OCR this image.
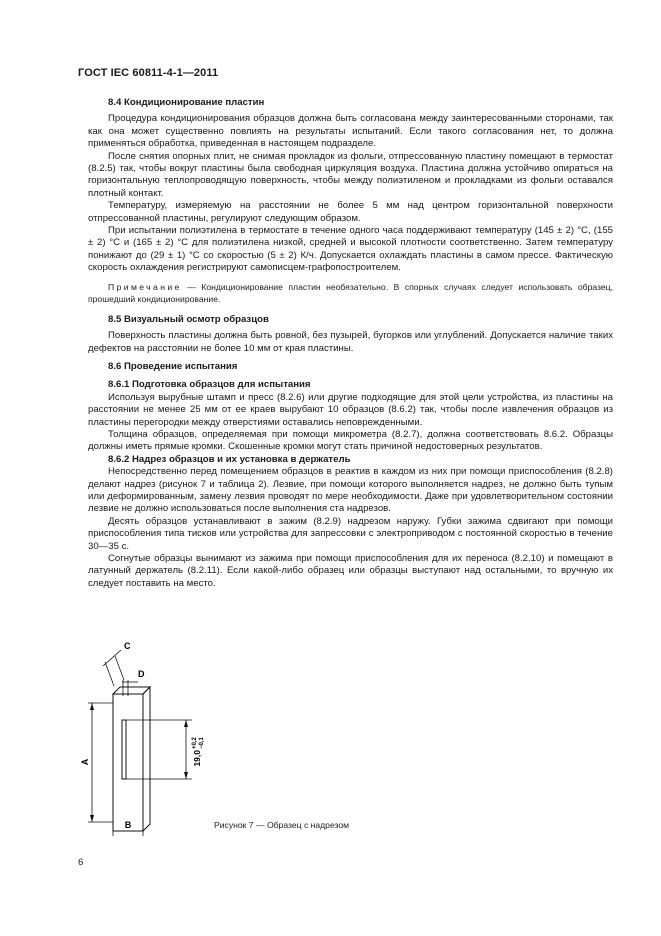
ГОСТ IEC 60811-4-1—2011

8.4 Кондиционирование пластин

Процедура кондиционирования образцов должна быть согласована между заинтересованными сторонами, так как она может существенно повлиять на результаты испытаний. Если такого согласования нет, то должна применяться обработка, приведенная в настоящем подразделе.

После снятия опорных плит, не снимая прокладок из фольги, отпрессованную пластину помещают в термостат (8.2.5) так, чтобы вокруг пластины была свободная циркуляция воздуха. Пластина должна устойчиво опираться на горизонтальную теплопроводящую поверхность, чтобы между полиэтиленом и прокладками из фольги оставался плотный контакт.

Температуру, измеряемую на расстоянии не более 5 мм над центром горизонтальной поверхности отпрессованной пластины, регулируют следующим образом.

При испытании полиэтилена в термостате в течение одного часа поддерживают температуру (145 ± 2) °С, (155 ± 2) °С и (165 ± 2) °С для полиэтилена низкой, средней и высокой плотности соответственно. Затем температуру понижают до (29 ± 1) °С со скоростью (5 ± 2) К/ч. Допускается охлаждать пластины в самом прессе. Фактическую скорость охлаждения регистрируют самописцем-графопостроителем.

Примечание — Кондиционирование пластин необязательно. В спорных случаях следует использовать образец, прошедший кондиционирование.

8.5 Визуальный осмотр образцов

Поверхность пластины должна быть ровной, без пузырей, бугорков или углублений. Допускается наличие таких дефектов на расстоянии не более 10 мм от края пластины.

8.6 Проведение испытания

8.6.1 Подготовка образцов для испытания

Используя вырубные штамп и пресс (8.2.6) или другие подходящие для этой цели устройства, из пластины на расстоянии не менее 25 мм от ее краев вырубают 10 образцов (8.6.2) так, чтобы после извлечения образцов из пластины перегородки между отверстиями оставались неповрежденными.

Толщина образцов, определяемая при помощи микрометра (8.2.7), должна соответствовать 8.6.2. Образцы должны иметь прямые кромки. Скошенные кромки могут стать причиной недостоверных результатов.

8.6.2 Надрез образцов и их установка в держатель

Непосредственно перед помещением образцов в реактив в каждом из них при помощи приспособления (8.2.8) делают надрез (рисунок 7 и таблица 2). Лезвие, при помощи которого выполняется надрез, не должно быть тупым или деформированным, замену лезвия проводят по мере необходимости. Даже при удовлетворительном состоянии лезвие не должно использоваться после выполнения ста надрезов.

Десять образцов устанавливают в зажим (8.2.9) надрезом наружу. Губки зажима сдвигают при помощи приспособления типа тисков или устройства для запрессовки с электроприводом с постоянной скоростью в течение 30—35 с.

Согнутые образцы вынимают из зажима при помощи приспособления для их переноса (8.2.10) и помещают в латунный держатель (8.2.11). Если какой-либо образец или образцы выступают над остальными, то вручную их следует поставить на место.

A
B
C
D
19,0
+0,2 −0,1
Рисунок 7 — Образец с надрезом
6
